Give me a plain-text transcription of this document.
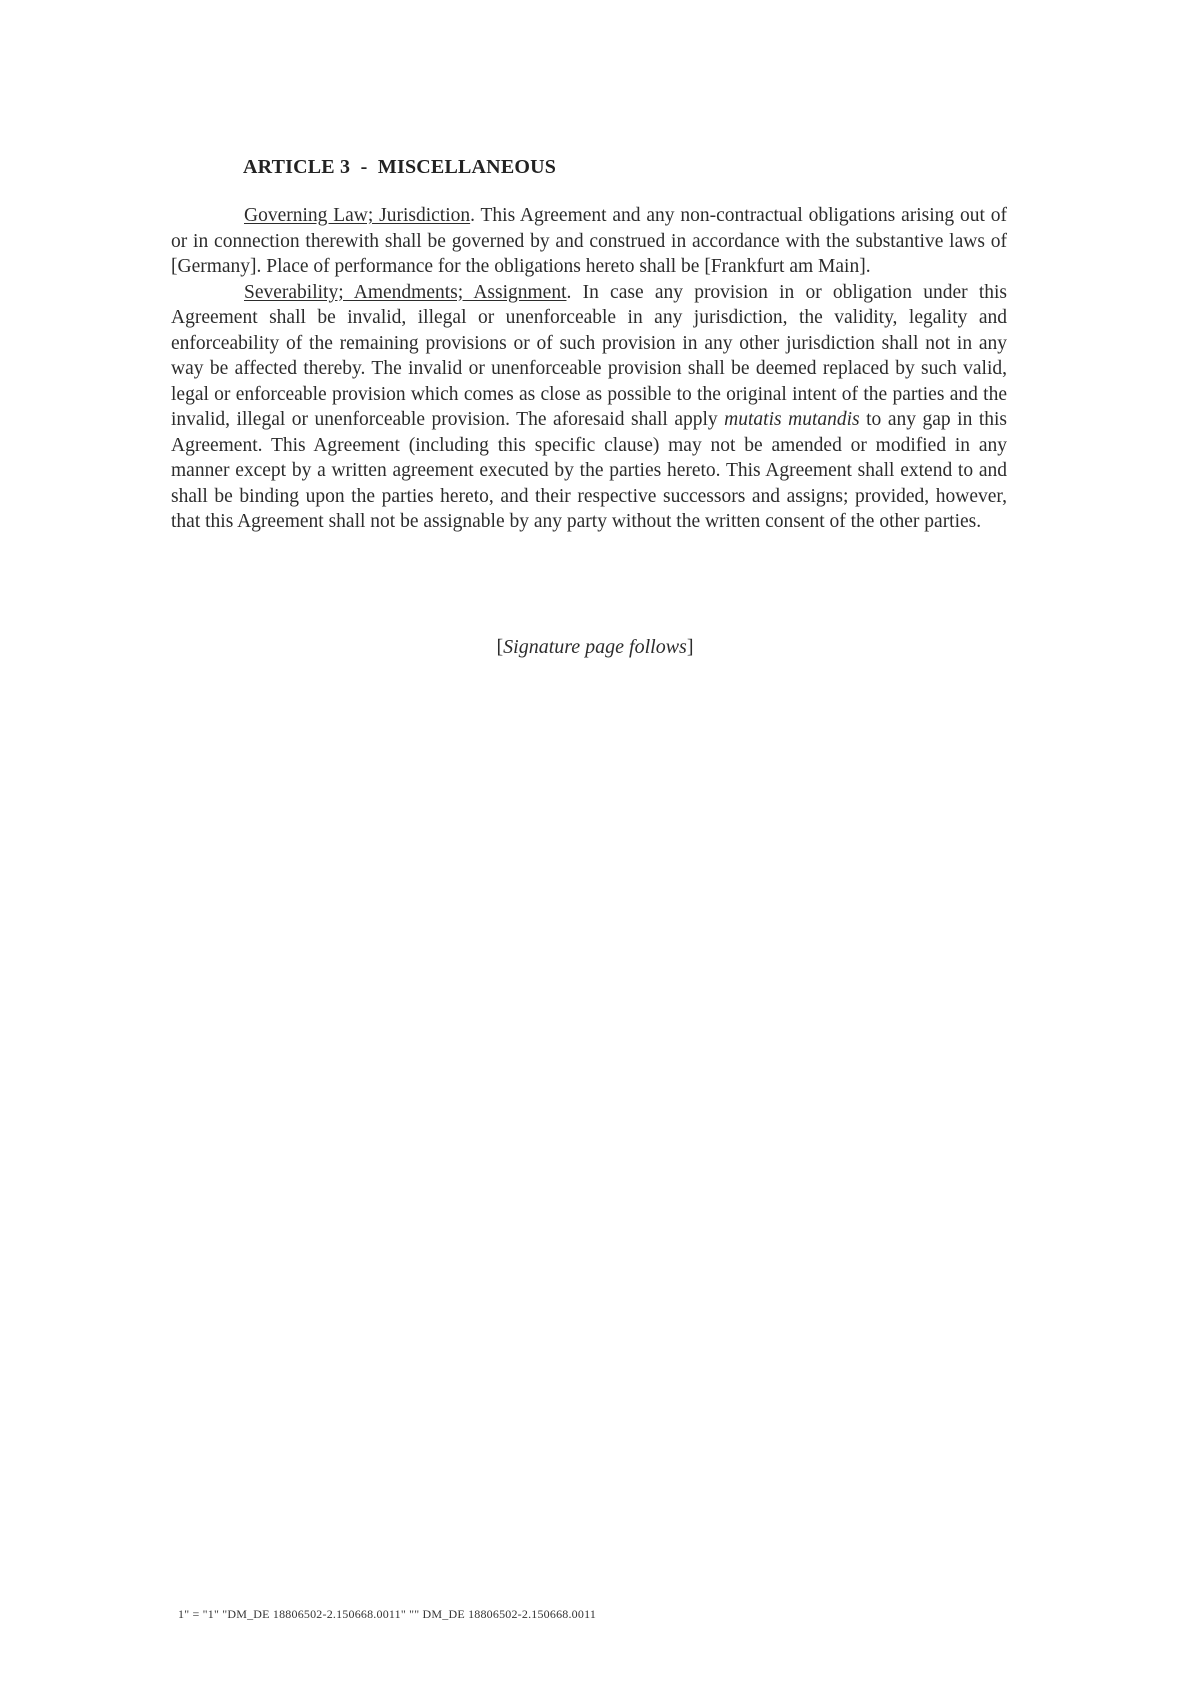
ARTICLE 3  -  MISCELLANEOUS

Governing Law; Jurisdiction. This Agreement and any non-contractual obligations arising out of or in connection therewith shall be governed by and construed in accordance with the substantive laws of [Germany]. Place of performance for the obligations hereto shall be [Frankfurt am Main].

Severability; Amendments; Assignment. In case any provision in or obligation under this Agreement shall be invalid, illegal or unenforceable in any jurisdiction, the validity, legality and enforceability of the remaining provisions or of such provision in any other jurisdiction shall not in any way be affected thereby. The invalid or unenforceable provision shall be deemed replaced by such valid, legal or enforceable provision which comes as close as possible to the original intent of the parties and the invalid, illegal or unenforceable provision. The aforesaid shall apply mutatis mutandis to any gap in this Agreement. This Agreement (including this specific clause) may not be amended or modified in any manner except by a written agreement executed by the parties hereto. This Agreement shall extend to and shall be binding upon the parties hereto, and their respective successors and assigns; provided, however, that this Agreement shall not be assignable by any party without the written consent of the other parties.

[Signature page follows]
1" = "1" "DM_DE 18806502-2.150668.0011" "" DM_DE 18806502-2.150668.0011
